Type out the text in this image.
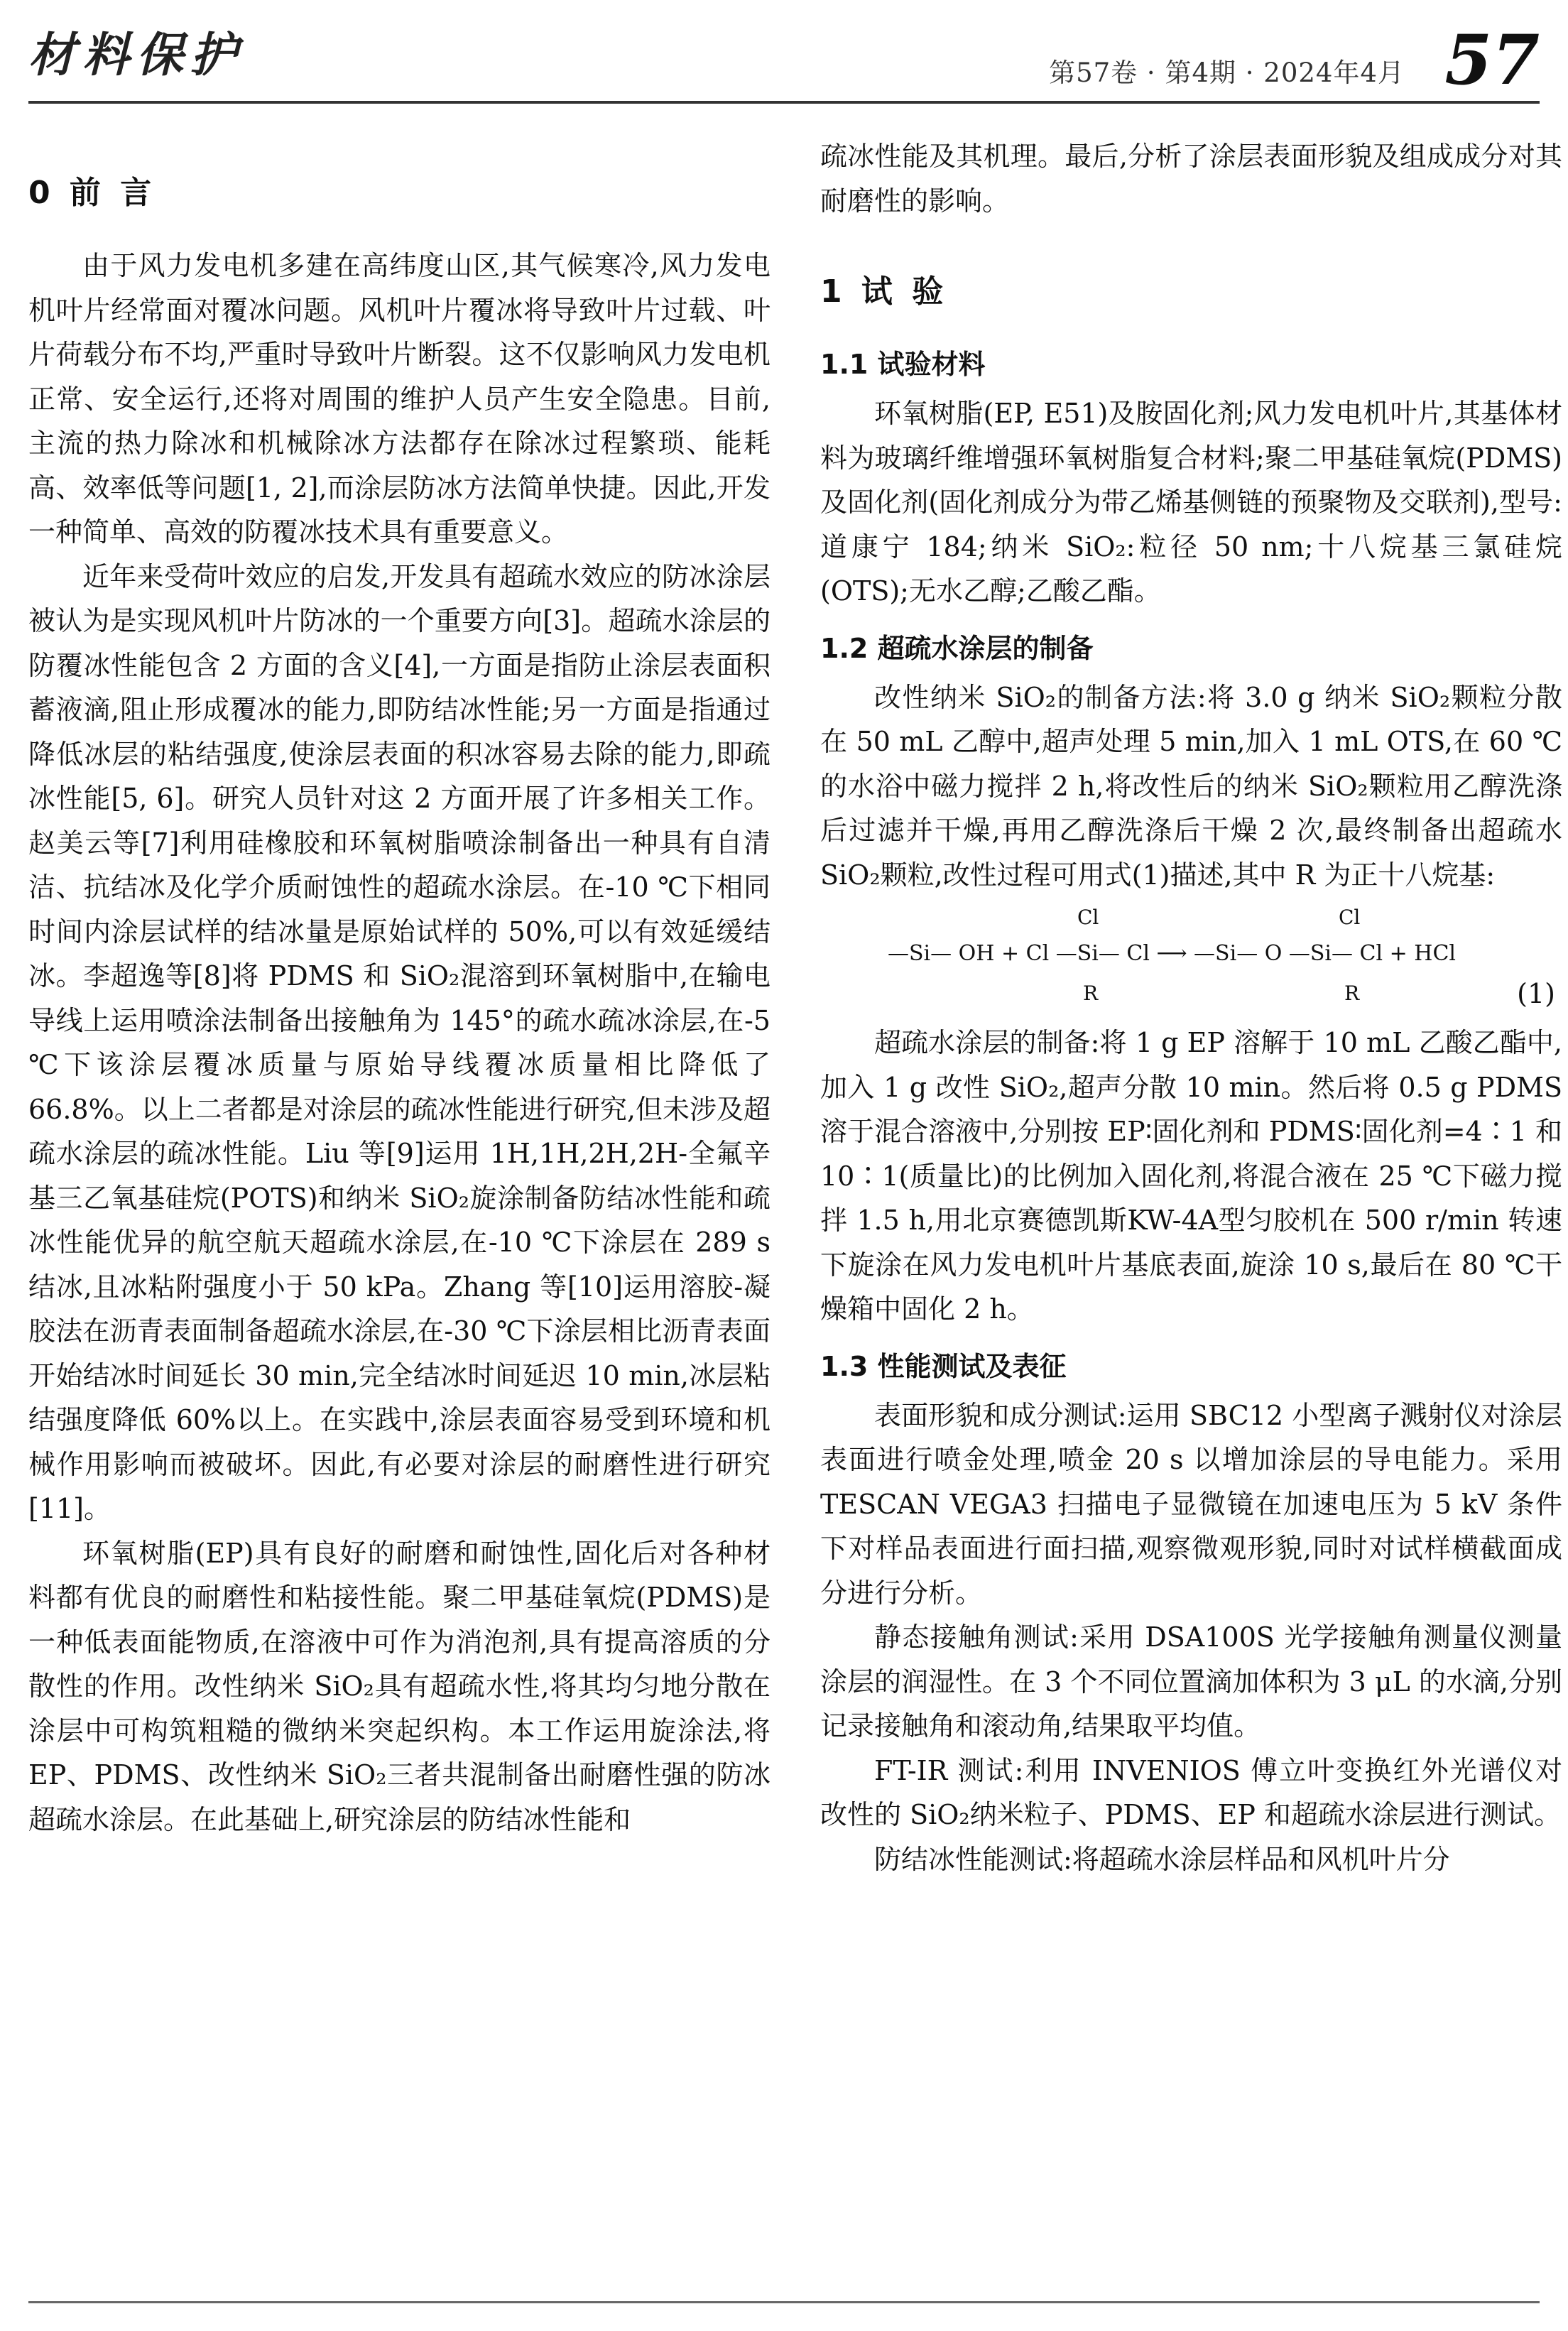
材料保护	第57卷 · 第4期 · 2024年4月 57
0 前 言

由于风力发电机多建在高纬度山区,其气候寒冷,风力发电机叶片经常面对覆冰问题。风机叶片覆冰将导致叶片过载、叶片荷载分布不均,严重时导致叶片断裂。这不仅影响风力发电机正常、安全运行,还将对周围的维护人员产生安全隐患。目前,主流的热力除冰和机械除冰方法都存在除冰过程繁琐、能耗高、效率低等问题[1, 2],而涂层防冰方法简单快捷。因此,开发一种简单、高效的防覆冰技术具有重要意义。

近年来受荷叶效应的启发,开发具有超疏水效应的防冰涂层被认为是实现风机叶片防冰的一个重要方向[3]。超疏水涂层的防覆冰性能包含 2 方面的含义[4],一方面是指防止涂层表面积蓄液滴,阻止形成覆冰的能力,即防结冰性能;另一方面是指通过降低冰层的粘结强度,使涂层表面的积冰容易去除的能力,即疏冰性能[5, 6]。研究人员针对这 2 方面开展了许多相关工作。赵美云等[7]利用硅橡胶和环氧树脂喷涂制备出一种具有自清洁、抗结冰及化学介质耐蚀性的超疏水涂层。在-10 ℃下相同时间内涂层试样的结冰量是原始试样的 50%,可以有效延缓结冰。李超逸等[8]将 PDMS 和 SiO₂混溶到环氧树脂中,在输电导线上运用喷涂法制备出接触角为 145°的疏水疏冰涂层,在-5 ℃下该涂层覆冰质量与原始导线覆冰质量相比降低了 66.8%。以上二者都是对涂层的疏冰性能进行研究,但未涉及超疏水涂层的疏冰性能。Liu 等[9]运用 1H,1H,2H,2H-全氟辛基三乙氧基硅烷(POTS)和纳米 SiO₂旋涂制备防结冰性能和疏冰性能优异的航空航天超疏水涂层,在-10 ℃下涂层在 289 s 结冰,且冰粘附强度小于 50 kPa。Zhang 等[10]运用溶胶-凝胶法在沥青表面制备超疏水涂层,在-30 ℃下涂层相比沥青表面开始结冰时间延长 30 min,完全结冰时间延迟 10 min,冰层粘结强度降低 60%以上。在实践中,涂层表面容易受到环境和机械作用影响而被破坏。因此,有必要对涂层的耐磨性进行研究[11]。

环氧树脂(EP)具有良好的耐磨和耐蚀性,固化后对各种材料都有优良的耐磨性和粘接性能。聚二甲基硅氧烷(PDMS)是一种低表面能物质,在溶液中可作为消泡剂,具有提高溶质的分散性的作用。改性纳米 SiO₂具有超疏水性,将其均匀地分散在涂层中可构筑粗糙的微纳米突起织构。本工作运用旋涂法,将 EP、PDMS、改性纳米 SiO₂三者共混制备出耐磨性强的防冰超疏水涂层。在此基础上,研究涂层的防结冰性能和

疏冰性能及其机理。最后,分析了涂层表面形貌及组成成分对其耐磨性的影响。

1 试 验
1.1 试验材料

环氧树脂(EP, E51)及胺固化剂;风力发电机叶片,其基体材料为玻璃纤维增强环氧树脂复合材料;聚二甲基硅氧烷(PDMS)及固化剂(固化剂成分为带乙烯基侧链的预聚物及交联剂),型号:道康宁 184;纳米 SiO₂:粒径 50 nm;十八烷基三氯硅烷(OTS);无水乙醇;乙酸乙酯。

1.2 超疏水涂层的制备

改性纳米 SiO₂的制备方法:将 3.0 g 纳米 SiO₂颗粒分散在 50 mL 乙醇中,超声处理 5 min,加入 1 mL OTS,在 60 ℃的水浴中磁力搅拌 2 h,将改性后的纳米 SiO₂颗粒用乙醇洗涤后过滤并干燥,再用乙醇洗涤后干燥 2 次,最终制备出超疏水 SiO₂颗粒,改性过程可用式(1)描述,其中 R 为正十八烷基:

Cl	Cl
—Si— OH + Cl —Si— Cl ⟶ —Si— O —Si— Cl + HCl
R	R	(1)

超疏水涂层的制备:将 1 g EP 溶解于 10 mL 乙酸乙酯中,加入 1 g 改性 SiO₂,超声分散 10 min。然后将 0.5 g PDMS 溶于混合溶液中,分别按 EP∶固化剂和 PDMS∶固化剂=4∶1 和 10∶1(质量比)的比例加入固化剂,将混合液在 25 ℃下磁力搅拌 1.5 h,用北京赛德凯斯KW-4A型匀胶机在 500 r/min 转速下旋涂在风力发电机叶片基底表面,旋涂 10 s,最后在 80 ℃干燥箱中固化 2 h。

1.3 性能测试及表征

表面形貌和成分测试:运用 SBC12 小型离子溅射仪对涂层表面进行喷金处理,喷金 20 s 以增加涂层的导电能力。采用 TESCAN VEGA3 扫描电子显微镜在加速电压为 5 kV 条件下对样品表面进行面扫描,观察微观形貌,同时对试样横截面成分进行分析。

静态接触角测试:采用 DSA100S 光学接触角测量仪测量涂层的润湿性。在 3 个不同位置滴加体积为 3 μL 的水滴,分别记录接触角和滚动角,结果取平均值。

FT-IR 测试:利用 INVENIOS 傅立叶变换红外光谱仪对改性的 SiO₂纳米粒子、PDMS、EP 和超疏水涂层进行测试。

防结冰性能测试:将超疏水涂层样品和风机叶片分
